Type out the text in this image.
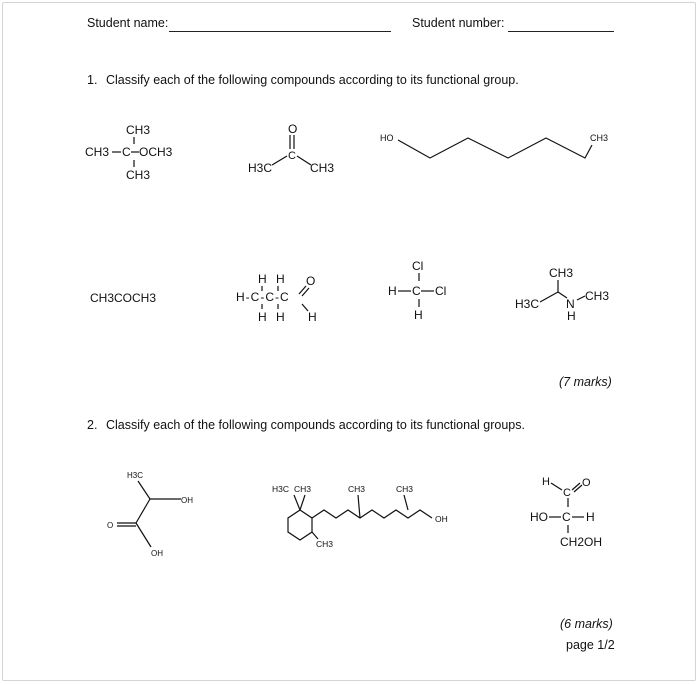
Student name:	Student number:
1. Classify each of the following compounds according to its functional group.
CH3
CH3 C OCH3
CH3
O
C
H3C	CH3
HO	CH3
CH3COCH3
H H O
H-C-C-C
H H H
Cl
H C Cl
H
CH3
H3C N
CH3
H
(7 marks)
2. Classify each of the following compounds according to its functional groups.
H3C
OH
O
OH
H3C CH3	CH3	CH3
OH
CH3
H
C
O
HO C H
CH2OH
(6 marks)
page 1/2
